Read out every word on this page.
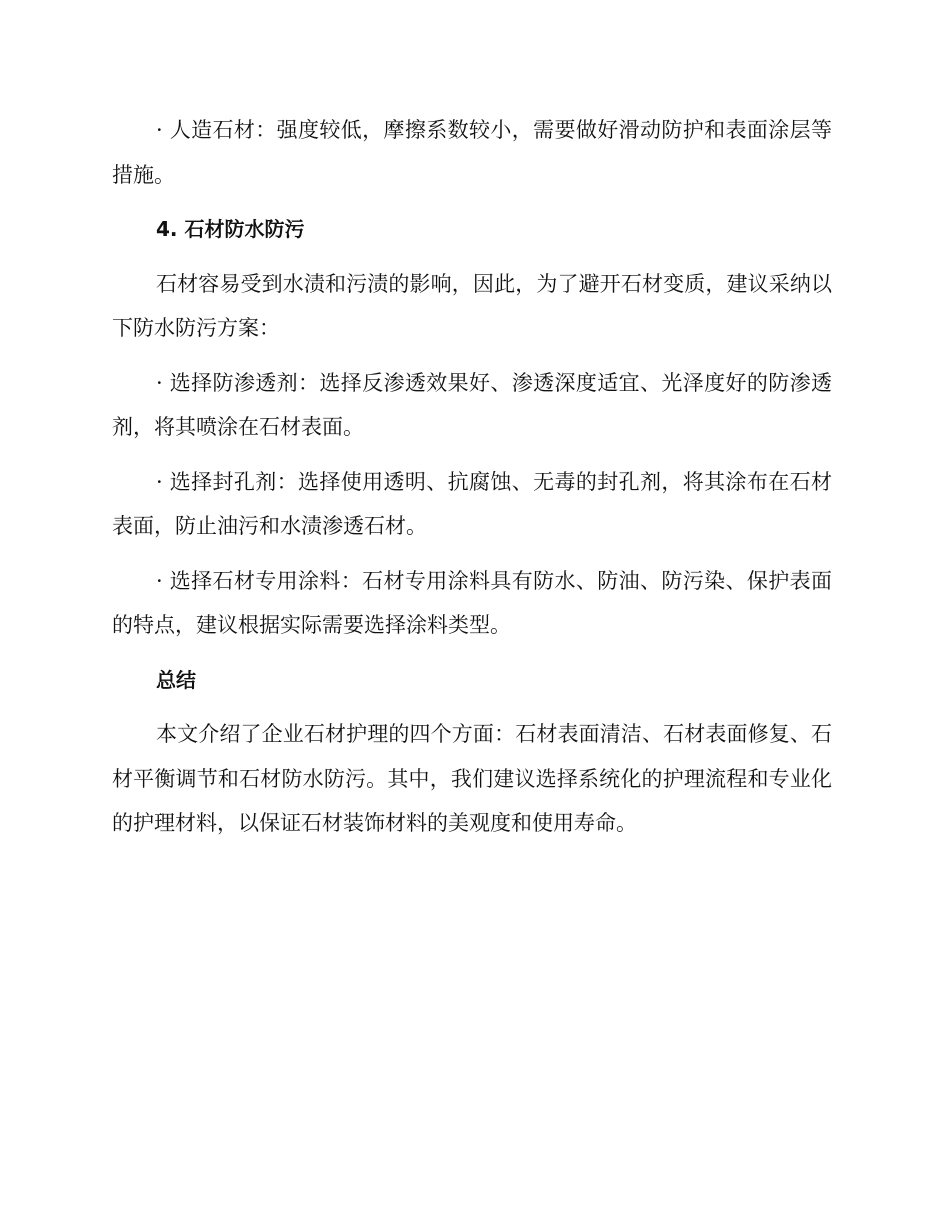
· 人造石材：强度较低，摩擦系数较小，需要做好滑动防护和表面涂层等措施。

4. 石材防水防污

石材容易受到水渍和污渍的影响，因此，为了避开石材变质，建议采纳以下防水防污方案：

· 选择防渗透剂：选择反渗透效果好、渗透深度适宜、光泽度好的防渗透剂，将其喷涂在石材表面。

· 选择封孔剂：选择使用透明、抗腐蚀、无毒的封孔剂，将其涂布在石材表面，防止油污和水渍渗透石材。

· 选择石材专用涂料：石材专用涂料具有防水、防油、防污染、保护表面的特点，建议根据实际需要选择涂料类型。

总结

本文介绍了企业石材护理的四个方面：石材表面清洁、石材表面修复、石材平衡调节和石材防水防污。其中，我们建议选择系统化的护理流程和专业化的护理材料，以保证石材装饰材料的美观度和使用寿命。
